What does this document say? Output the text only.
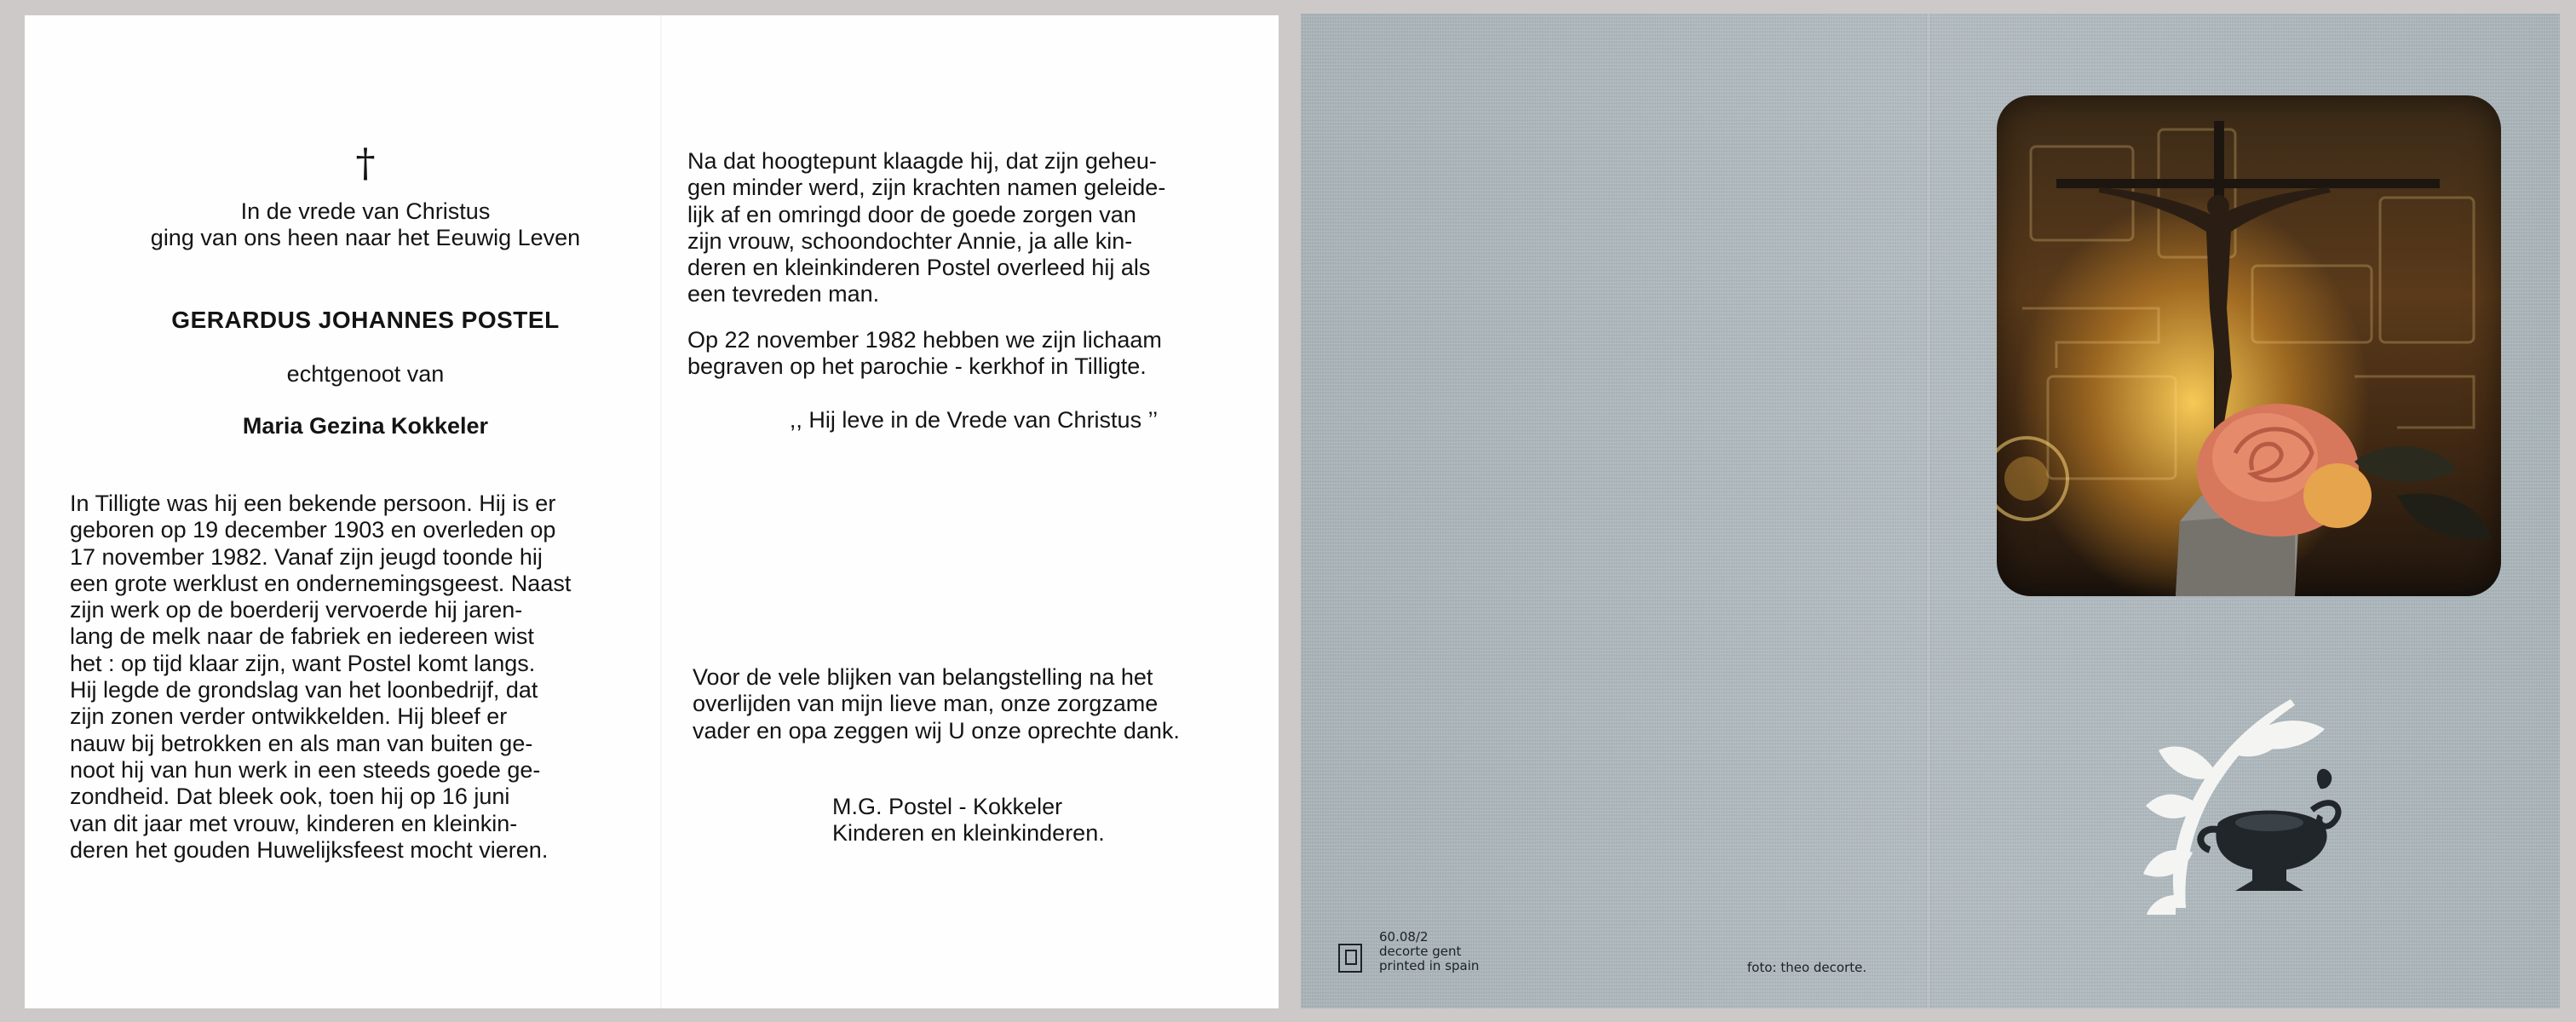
†
In de vrede van Christus
ging van ons heen naar het Eeuwig Leven
GERARDUS JOHANNES POSTEL
echtgenoot van
Maria Gezina Kokkeler
In Tilligte was hij een bekende persoon. Hij is er
geboren op 19 december 1903 en overleden op
17 november 1982. Vanaf zijn jeugd toonde hij
een grote werklust en ondernemingsgeest. Naast
zijn werk op de boerderij vervoerde hij jaren-
lang de melk naar de fabriek en iedereen wist
het : op tijd klaar zijn, want Postel komt langs.
Hij legde de grondslag van het loonbedrijf, dat
zijn zonen verder ontwikkelden. Hij bleef er
nauw bij betrokken en als man van buiten ge-
noot hij van hun werk in een steeds goede ge-
zondheid. Dat bleek ook, toen hij op 16 juni
van dit jaar met vrouw, kinderen en kleinkin-
deren het gouden Huwelijksfeest mocht vieren.
Na dat hoogtepunt klaagde hij, dat zijn geheu-
gen minder werd, zijn krachten namen geleide-
lijk af en omringd door de goede zorgen van
zijn vrouw, schoondochter Annie, ja alle kin-
deren en kleinkinderen Postel overleed hij als
een tevreden man.
Op 22 november 1982 hebben we zijn lichaam
begraven op het parochie - kerkhof in Tilligte.
,, Hij leve in de Vrede van Christus ’’
Voor de vele blijken van belangstelling na het
overlijden van mijn lieve man, onze zorgzame
vader en opa zeggen wij U onze oprechte dank.
M.G. Postel - Kokkeler
Kinderen en kleinkinderen.
60.08/2
decorte gent
printed in spain	foto: theo decorte.
